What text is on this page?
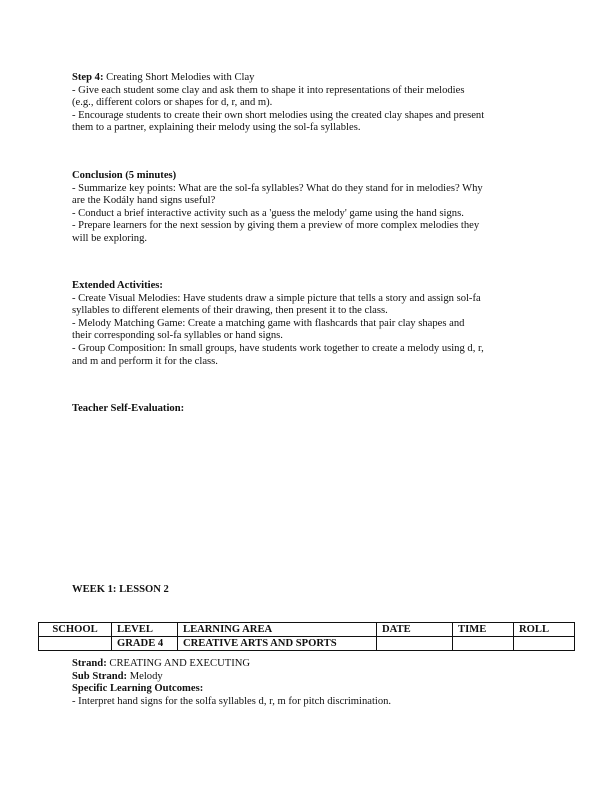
Step 4: Creating Short Melodies with Clay
- Give each student some clay and ask them to shape it into representations of their melodies
(e.g., different colors or shapes for d, r, and m).
- Encourage students to create their own short melodies using the created clay shapes and present
them to a partner, explaining their melody using the sol-fa syllables.
Conclusion (5 minutes)
- Summarize key points: What are the sol-fa syllables? What do they stand for in melodies? Why
are the Kodály hand signs useful?
- Conduct a brief interactive activity such as a 'guess the melody' game using the hand signs.
- Prepare learners for the next session by giving them a preview of more complex melodies they
will be exploring.
Extended Activities:
- Create Visual Melodies: Have students draw a simple picture that tells a story and assign sol-fa
syllables to different elements of their drawing, then present it to the class.
- Melody Matching Game: Create a matching game with flashcards that pair clay shapes and
their corresponding sol-fa syllables or hand signs.
- Group Composition: In small groups, have students work together to create a melody using d, r,
and m and perform it for the class.
Teacher Self-Evaluation:
WEEK 1: LESSON 2
SCHOOL	LEVEL	LEARNING AREA	DATE	TIME	ROLL
	GRADE 4	CREATIVE ARTS AND SPORTS			
Strand: CREATING AND EXECUTING
Sub Strand: Melody
Specific Learning Outcomes:
- Interpret hand signs for the solfa syllables d, r, m for pitch discrimination.
